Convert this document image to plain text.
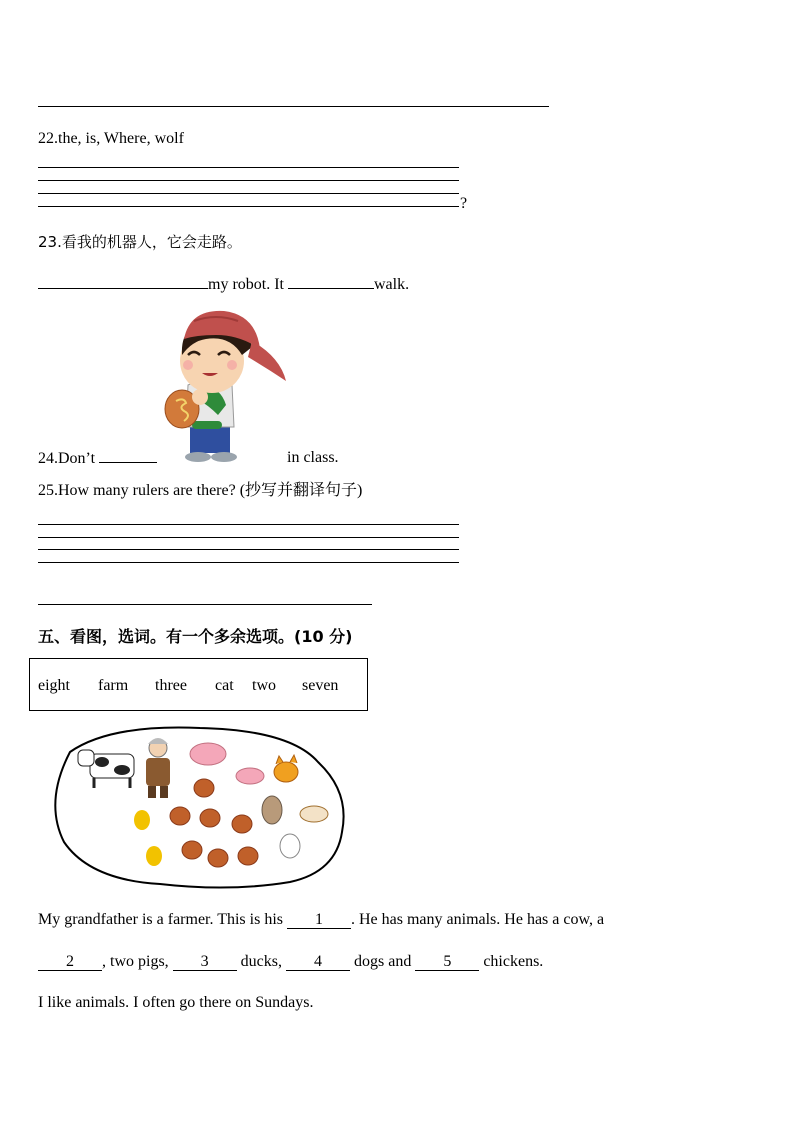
22.the, is, Where, wolf
?
23.看我的机器人，它会走路。
my robot. It	walk.
24.Don’t	in class.
25.How many rulers are there? (抄写并翻译句子)
五、看图，选词。有一个多余选项。(10 分)
eight farm three cat two seven
My grandfather is a farmer. This is his 1 . He has many animals. He has a cow, a
2 , two pigs, 3 ducks, 4 dogs and 5 chickens.
I like animals. I often go there on Sundays.
